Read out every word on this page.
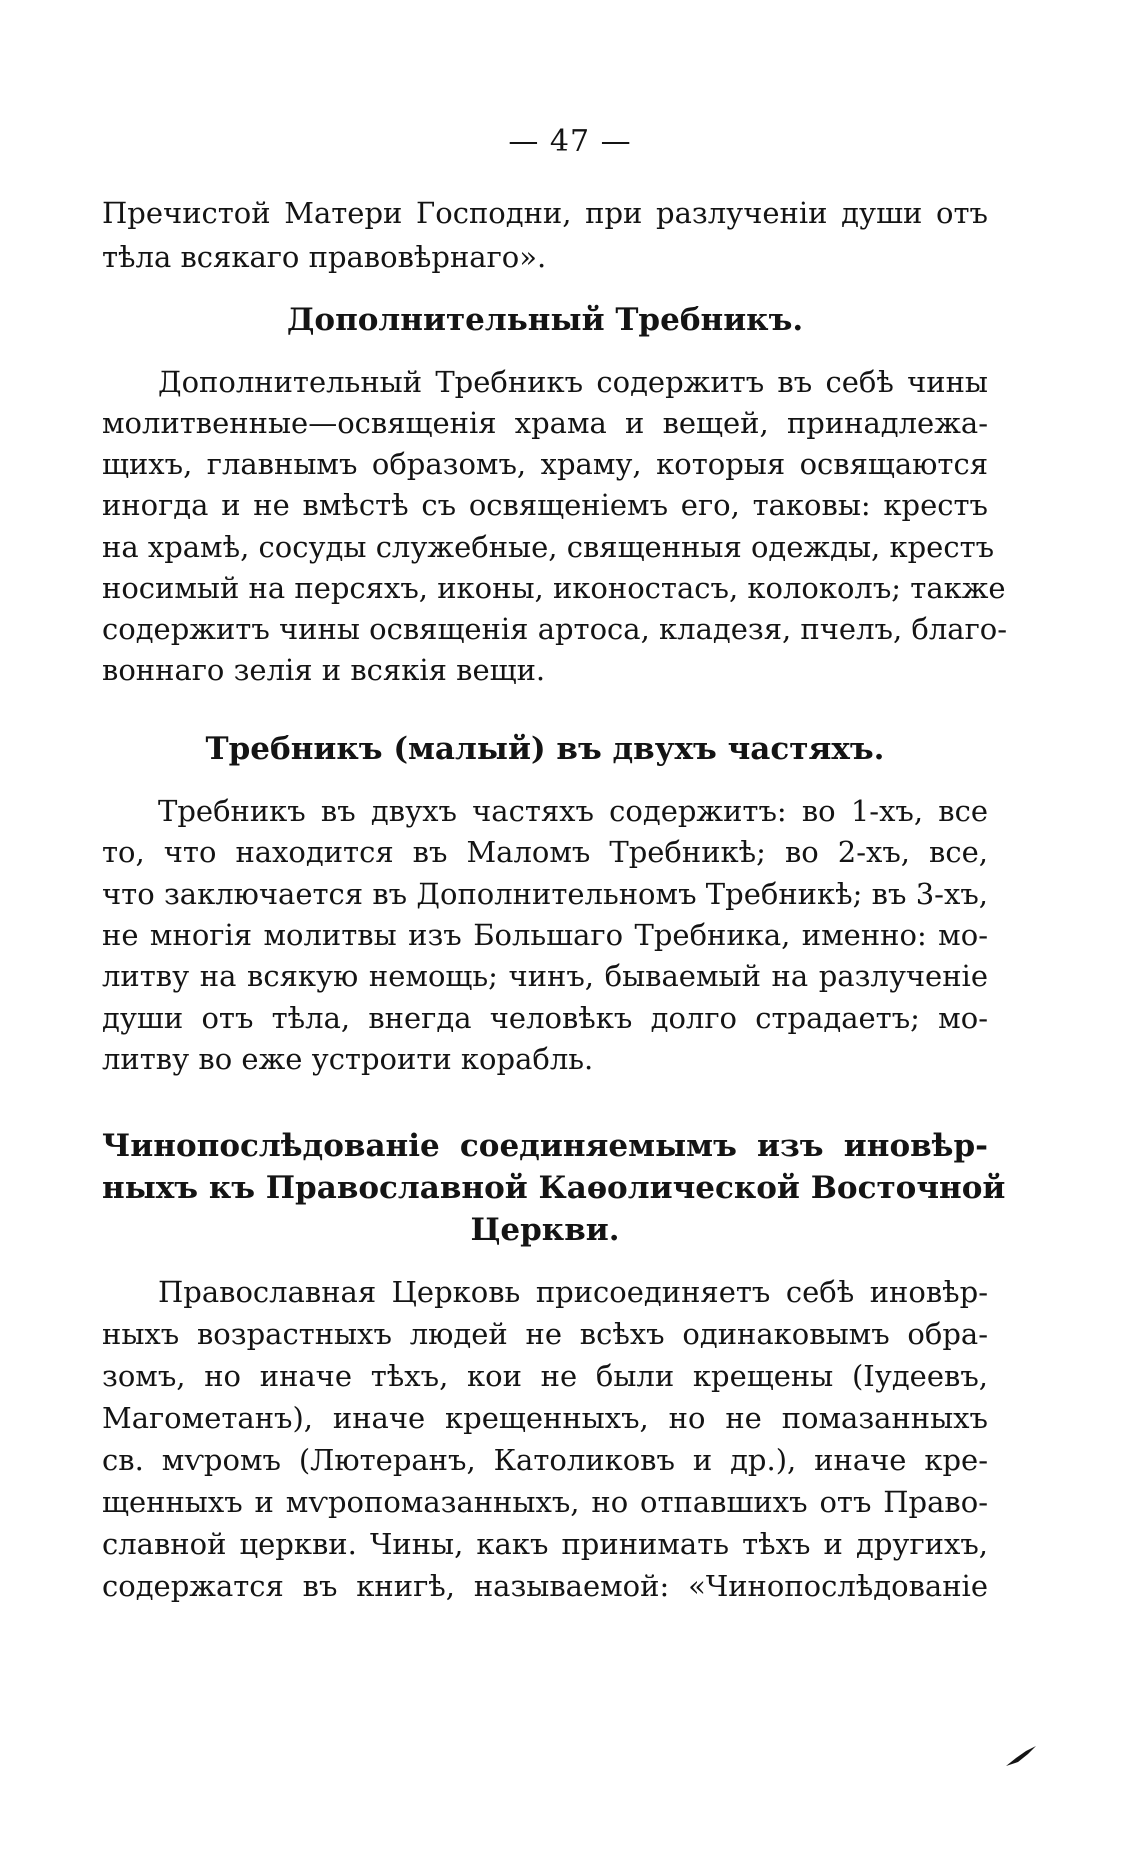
— 47 —
Пречистой Матери Господни, при разлученіи души отъ
тѣла всякаго правовѣрнаго».
Дополнительный Требникъ.
Дополнительный Требникъ содержитъ въ себѣ чины
молитвенные—освященія храма и вещей, принадлежа-
щихъ, главнымъ образомъ, храму, которыя освящаются
иногда и не вмѣстѣ съ освященіемъ его, таковы: крестъ
на храмѣ, сосуды служебные, священныя одежды, крестъ
носимый на персяхъ, иконы, иконостасъ, колоколъ; также
содержитъ чины освященія артоса, кладезя, пчелъ, благо-
воннаго зелія и всякія вещи.
Требникъ (малый) въ двухъ частяхъ.
Требникъ въ двухъ частяхъ содержитъ: во 1-хъ, все
то, что находится въ Маломъ Требникѣ; во 2-хъ, все,
что заключается въ Дополнительномъ Требникѣ; въ 3-хъ,
не многія молитвы изъ Большаго Требника, именно: мо-
литву на всякую немощь; чинъ, бываемый на разлученіе
души отъ тѣла, внегда человѣкъ долго страдаетъ; мо-
литву во еже устроити корабль.
Чинопослѣдованіе соединяемымъ изъ иновѣр-
ныхъ къ Православной Каѳолической Восточной
Церкви.
Православная Церковь присоединяетъ себѣ иновѣр-
ныхъ возрастныхъ людей не всѣхъ одинаковымъ обра-
зомъ, но иначе тѣхъ, кои не были крещены (Іудеевъ,
Магометанъ), иначе крещенныхъ, но не помазанныхъ
св. мѵромъ (Лютеранъ, Католиковъ и др.), иначе кре-
щенныхъ и мѵропомазанныхъ, но отпавшихъ отъ Право-
славной церкви. Чины, какъ принимать тѣхъ и другихъ,
содержатся въ книгѣ, называемой: «Чинопослѣдованіе
